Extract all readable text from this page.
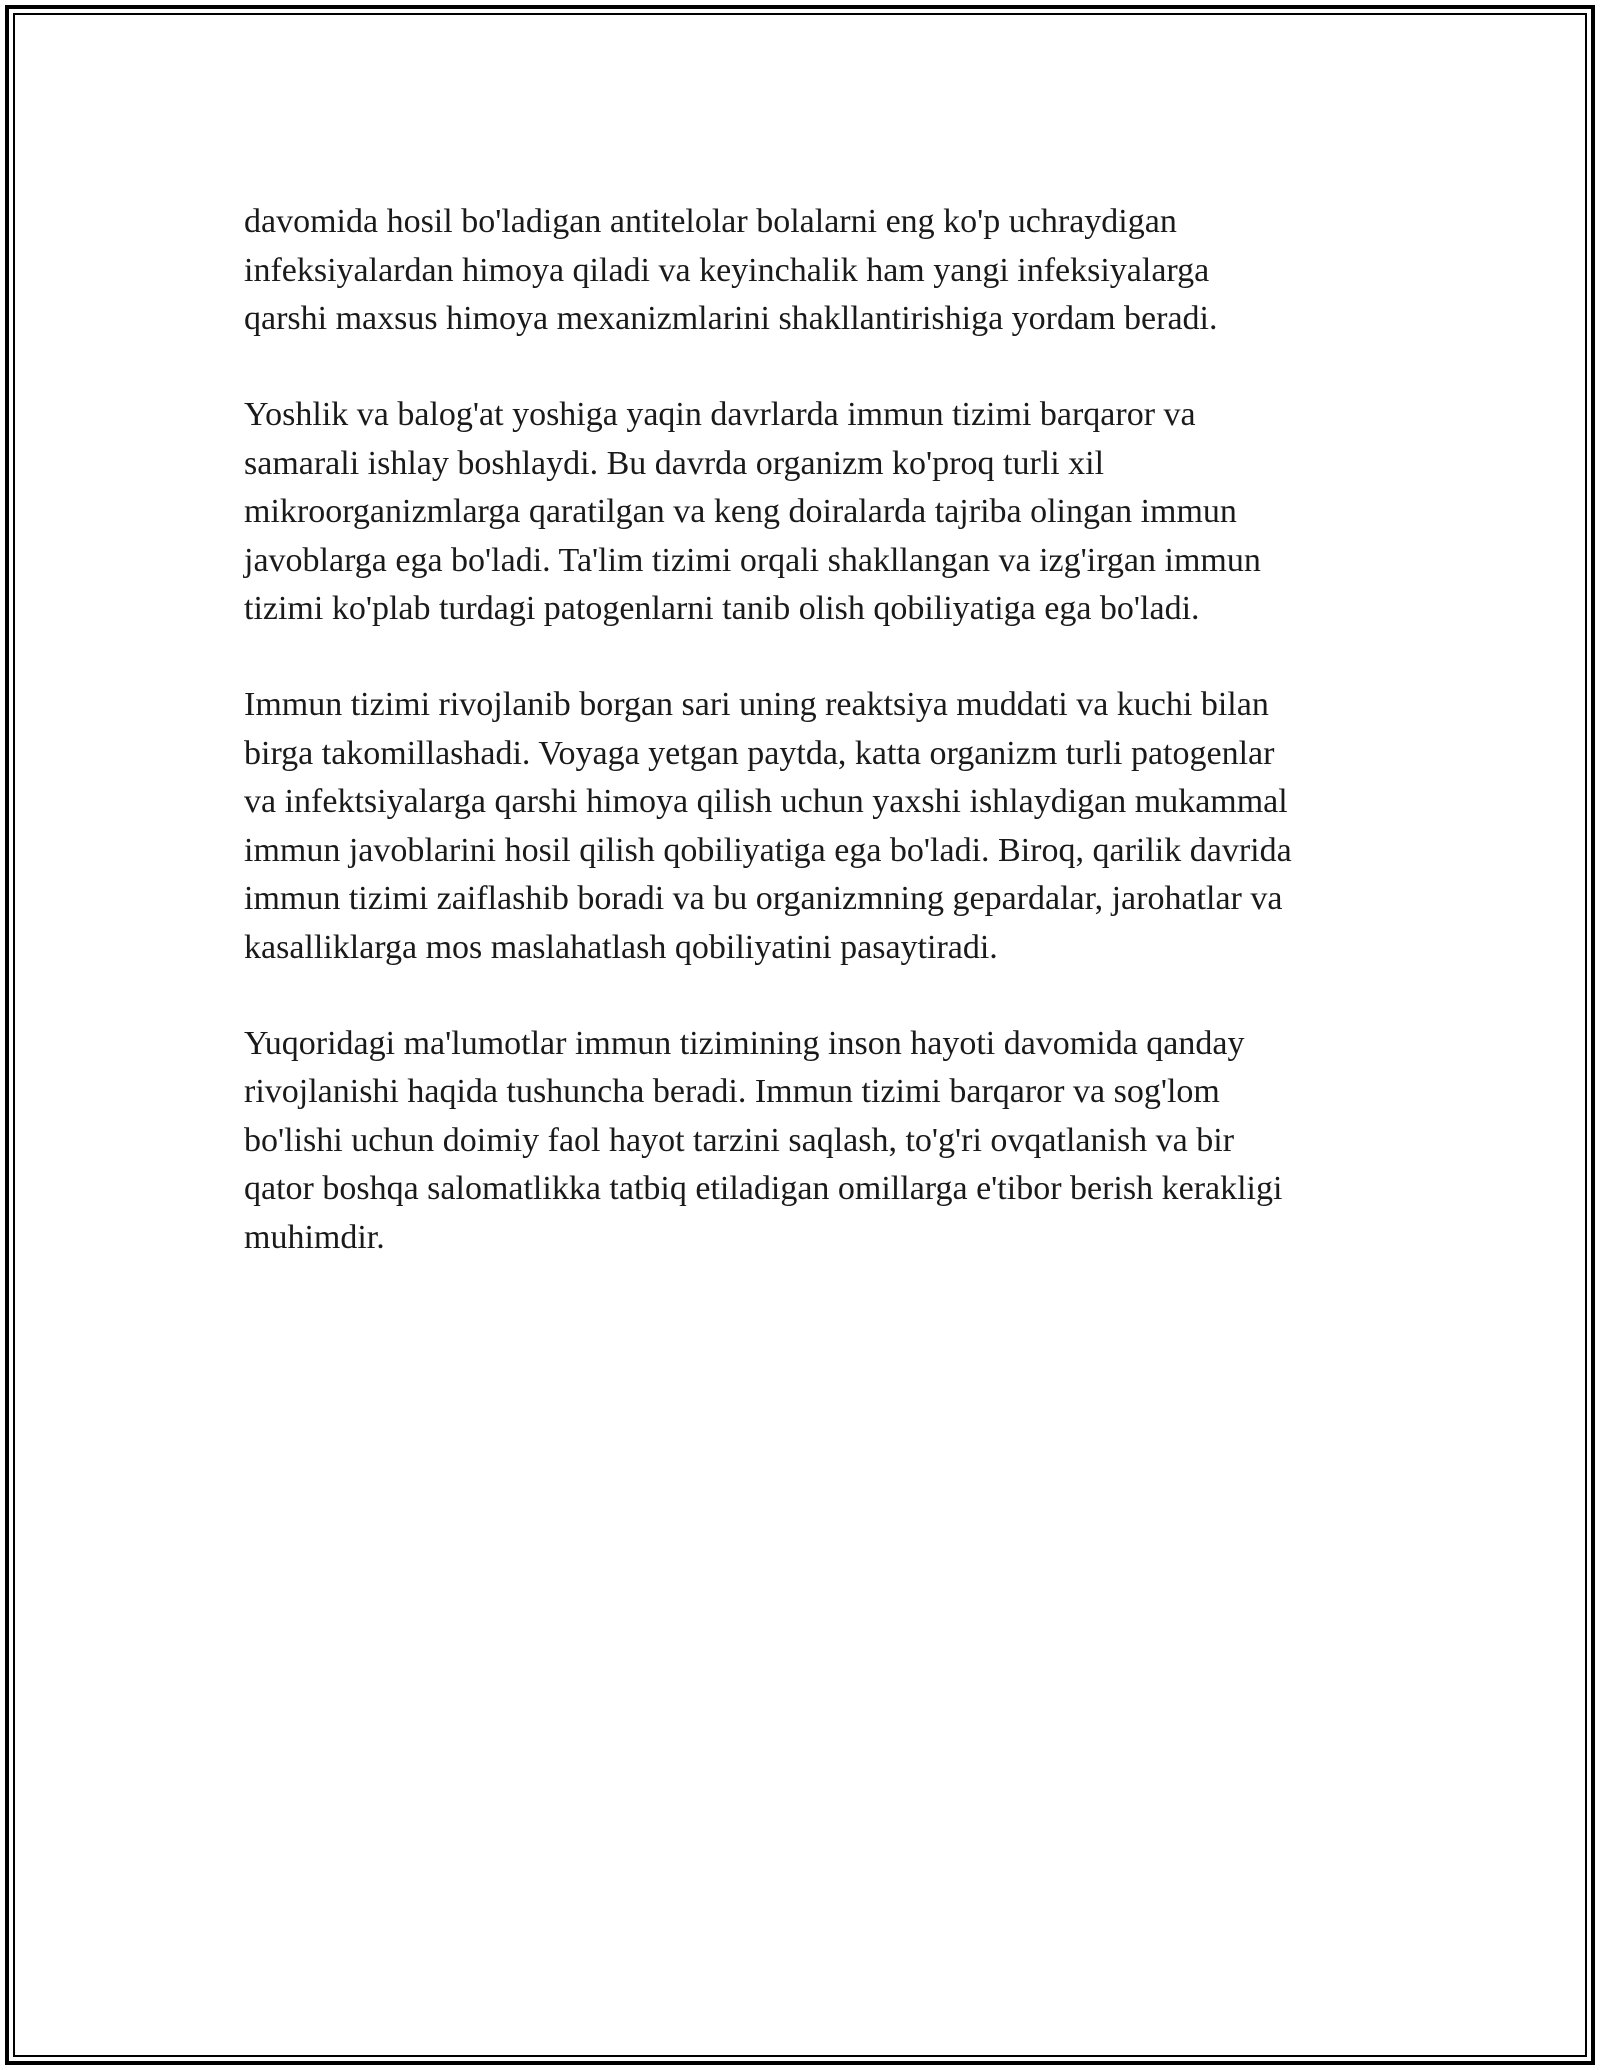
davomida hosil bo'ladigan antitelolar bolalarni eng ko'p uchraydigan
infeksiyalardan himoya qiladi va keyinchalik ham yangi infeksiyalarga
qarshi maxsus himoya mexanizmlarini shakllantirishiga yordam beradi.

Yoshlik va balog'at yoshiga yaqin davrlarda immun tizimi barqaror va
samarali ishlay boshlaydi. Bu davrda organizm ko'proq turli xil
mikroorganizmlarga qaratilgan va keng doiralarda tajriba olingan immun
javoblarga ega bo'ladi. Ta'lim tizimi orqali shakllangan va izg'irgan immun
tizimi ko'plab turdagi patogenlarni tanib olish qobiliyatiga ega bo'ladi.

Immun tizimi rivojlanib borgan sari uning reaktsiya muddati va kuchi bilan
birga takomillashadi. Voyaga yetgan paytda, katta organizm turli patogenlar
va infektsiyalarga qarshi himoya qilish uchun yaxshi ishlaydigan mukammal
immun javoblarini hosil qilish qobiliyatiga ega bo'ladi. Biroq, qarilik davrida
immun tizimi zaiflashib boradi va bu organizmning gepardalar, jarohatlar va
kasalliklarga mos maslahatlash qobiliyatini pasaytiradi.

Yuqoridagi ma'lumotlar immun tizimining inson hayoti davomida qanday
rivojlanishi haqida tushuncha beradi. Immun tizimi barqaror va sog'lom
bo'lishi uchun doimiy faol hayot tarzini saqlash, to'g'ri ovqatlanish va bir
qator boshqa salomatlikka tatbiq etiladigan omillarga e'tibor berish kerakligi
muhimdir.
